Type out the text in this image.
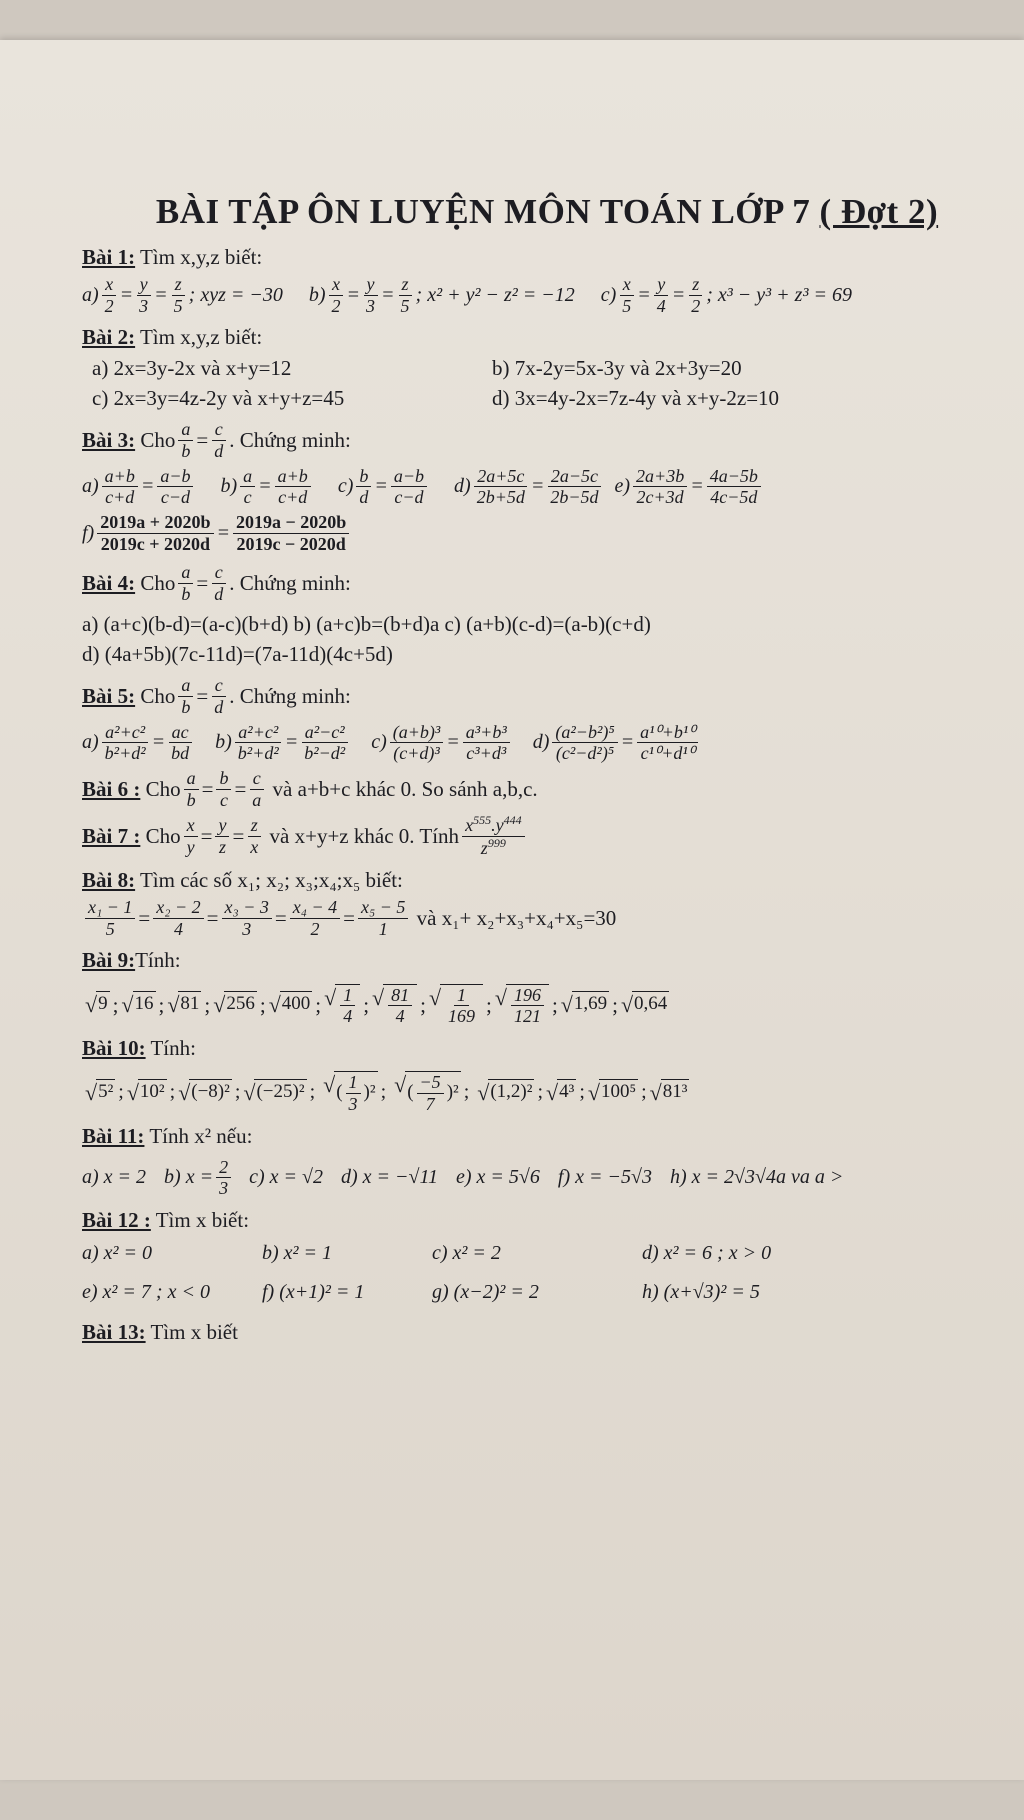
BÀI TẬP ÔN LUYỆN MÔN TOÁN LỚP 7 ( Đợt 2)
Bài 1: Tìm x,y,z biết:
$a) \frac{x}{2} = \frac{y}{3} = \frac{z}{5}$ ; xyz = −30 $b) \frac{x}{2} = \frac{y}{3} = \frac{z}{5}$ ; x² + y² − z² = −12 $c) \frac{x}{5} = \frac{y}{4} = \frac{z}{2}$ ; x³ − y³ + z³ = 69
Bài 2: Tìm x,y,z biết:
a) 2x=3y-2x và x+y=12	b) 7x-2y=5x-3y và 2x+3y=20
c) 2x=3y=4z-2y và x+y+z=45	d) 3x=4y-2x=7z-4y và x+y-2z=10
Bài 3:
Cho $\frac{a}{b} = \frac{c}{d}$ . Chứng minh:
$a) \frac{a+b}{c+d} = \frac{a-b}{c-d} b) \frac{a}{c} = \frac{a+b}{c+d} c) \frac{b}{d} = \frac{a-b}{c-d} d) \frac{2a+5c}{2b+5d} = \frac{2a-5c}{2b-5d} e) \frac{2a+3b}{2c+3d} = \frac{4a-5b}{4c-5d}$
$f) \frac{2019a + 2020b}{2019c + 2020d} = \frac{2019a - 2020b}{2019c - 2020d}$
Bài 4:
Cho $\frac{a}{b} = \frac{c}{d}$ . Chứng minh:
a) (a+c)(b-d)=(a-c)(b+d) b) (a+c)b=(b+d)a c) (a+b)(c-d)=(a-b)(c+d)
d) (4a+5b)(7c-11d)=(7a-11d)(4c+5d)
Bài 5:
Cho $\frac{a}{b} = \frac{c}{d}$ . Chứng minh:
$a) \frac{\text{a²+c²}}{\text{b²+d²}} = \frac{ac}{bd} b) \frac{\text{a²+c²}}{\text{b²+d²}} = \frac{\text{a²−c²}}{\text{b²−d²}} c) \frac{\text{(a+b)³}}{\text{(c+d)³}} = \frac{\text{a³+b³}}{\text{c³+d³}} d) \frac{\text{(a²−b²)⁵}}{\text{(c²−d²)⁵}} = \frac{\text{a¹⁰+b¹⁰}}{\text{c¹⁰+d¹⁰}}$
Bài 6 :
Cho $\frac{a}{b} = \frac{b}{c} = \frac{c}{a}$
và a+b+c khác 0. So sánh a,b,c.
Bài 7 :
Cho $\frac{x}{y} = \frac{y}{z} = \frac{z}{x}$
và x+y+z khác 0. Tính $\frac{x^{555}.y^{444}}{z^{999}}$
Bài 8: Tìm các số x₁; x₂; x₃;x₄;x₅ biết:
$\frac{\text{x₁ − 1}}{5} = \frac{\text{x₂ − 2}}{4} = \frac{\text{x₃ − 3}}{3} = \frac{\text{x₄ − 4}}{2} = \frac{\text{x₅ − 5}}{1}$
và x₁+ x₂+x₃+x₄+x₅=30
Bài 9:Tính:
√ 9 ; √ 16 ; √ 81 ; √ 256 ; √ 400 ; √ $\frac{1}{4}$ ; √ $\frac{81}{4}$ ; √ $\frac{1}{169}$ ; √ $\frac{196}{121}$ ; √ 1,69 ; √ 0,64
Bài 10: Tính:
√ 5² ; √ 10² ; √ (−8)² ; √ (−25)² ; √ ( $\frac{1}{3} )^2$ ; √ ( $\frac{-5}{7} )^2$ ; √ (1,2)² ; √ 4³ ; √ 100⁵ ; √ 81³
Bài 11: Tính x² nếu:
a) x = 2 b) $x = \frac{2}{3} c$) x = √2 d) x = −√11 e) x = 5√6 f) x = −5√3 h) x = 2√3√4a va a >
Bài 12 : Tìm x biết:
a) x² = 0	b) x² = 1	c) x² = 2	d) x² = 6 ; x > 0
e) x² = 7 ; x < 0	f) (x+1)² = 1	g) (x−2)² = 2	h) (x+√3)² = 5
Bài 13: Tìm x biết
